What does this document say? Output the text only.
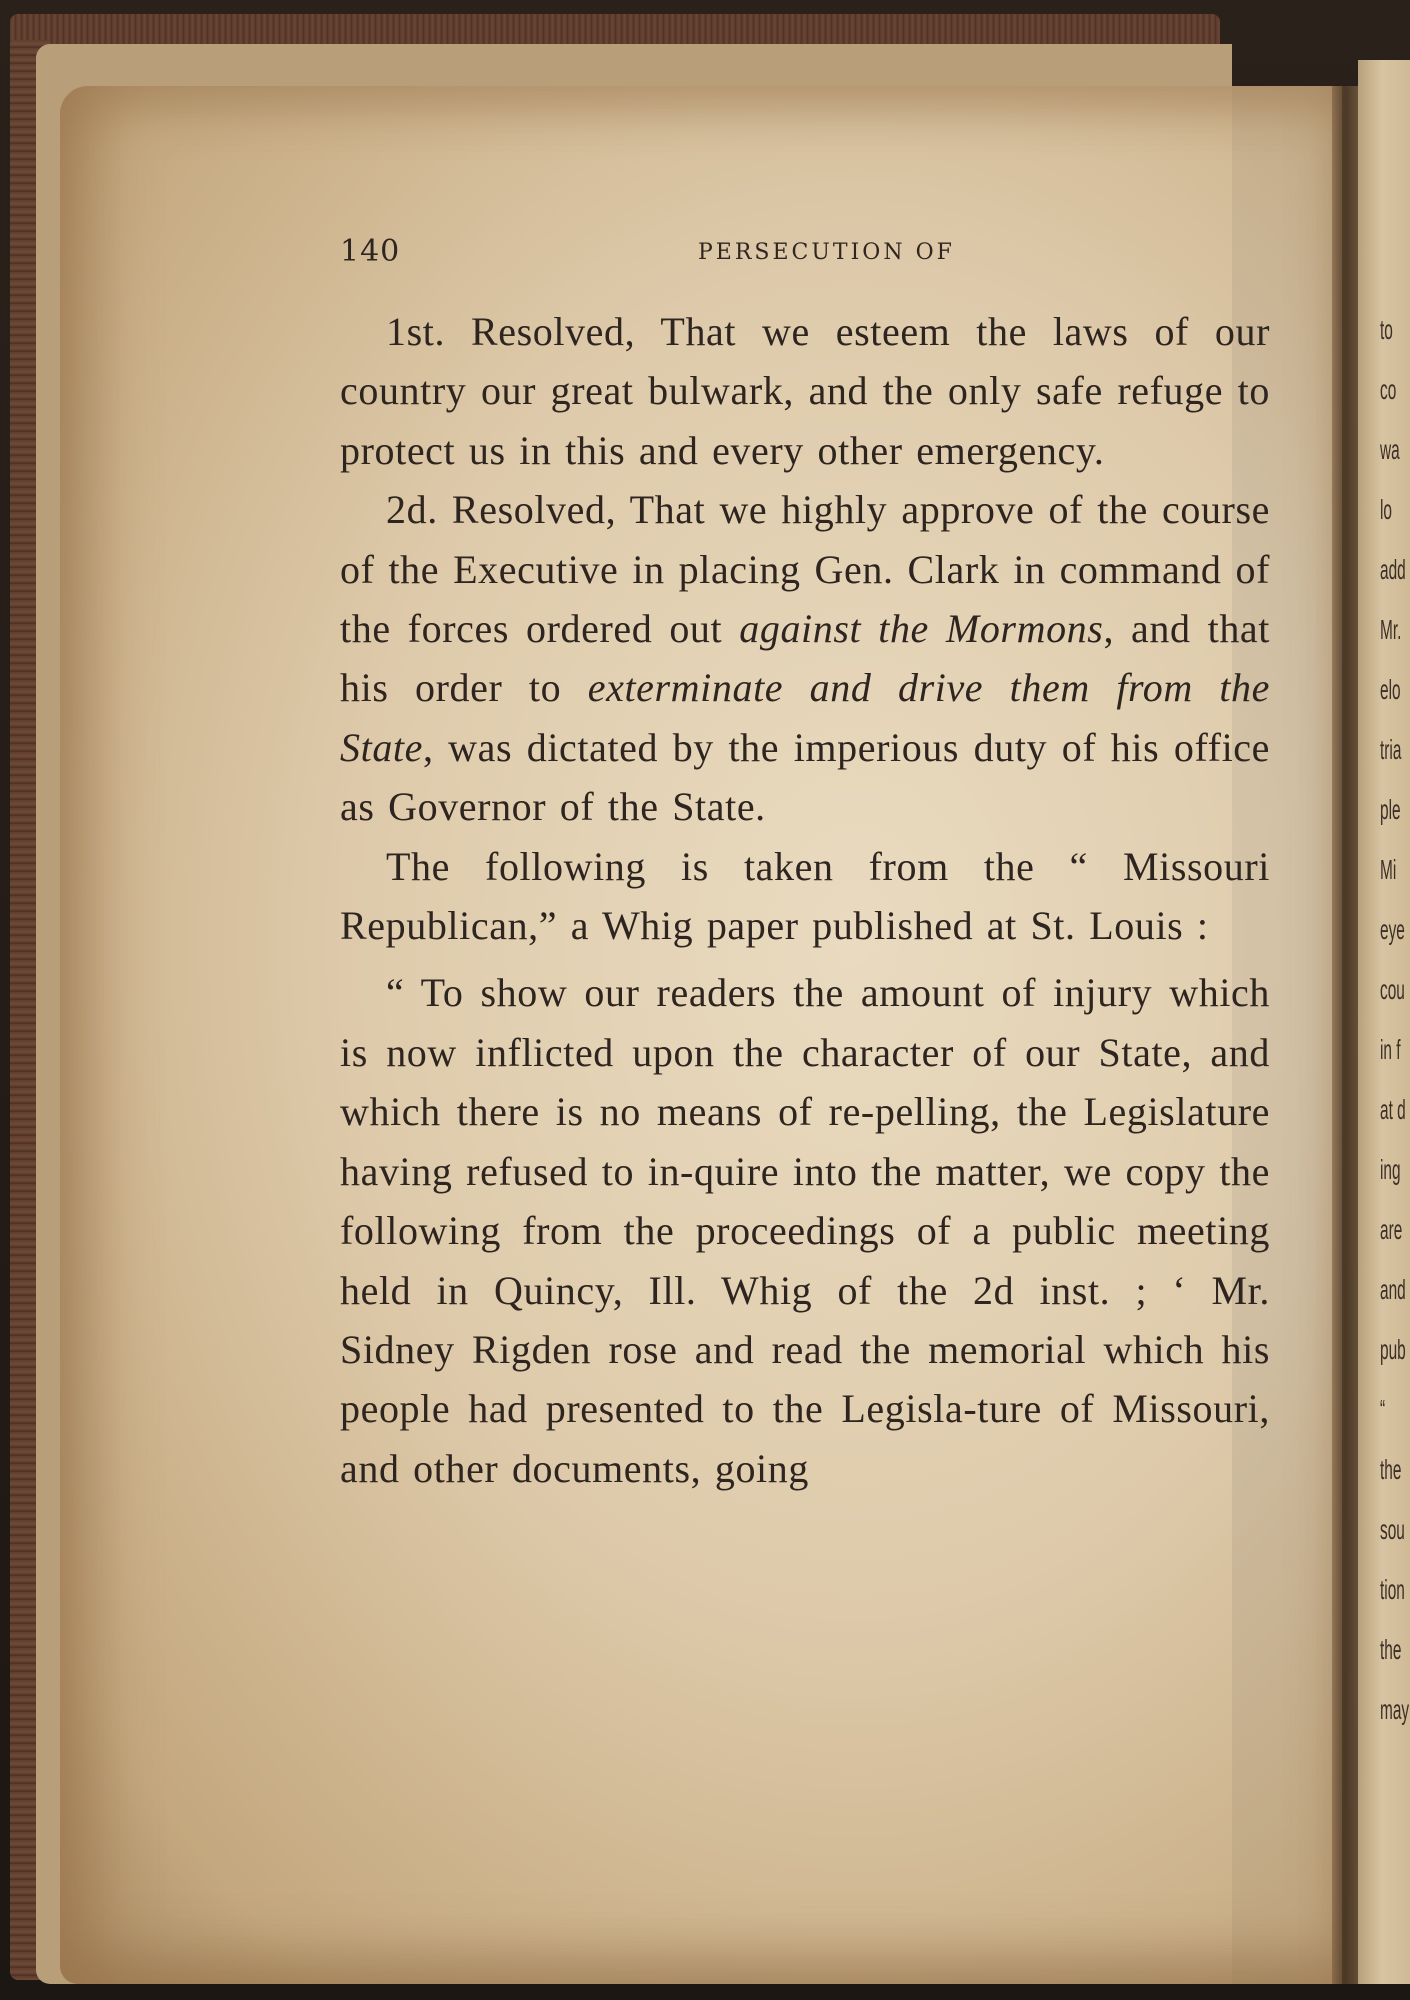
140	PERSECUTION OF

1st. Resolved, That we esteem the laws of our country our great bulwark, and the only safe refuge to protect us in this and every other emergency.

2d. Resolved, That we highly approve of the course of the Executive in placing Gen. Clark in command of the forces ordered out against the Mormons, and that his order to exterminate and drive them from the State, was dictated by the imperious duty of his office as Governor of the State.

The following is taken from the “ Missouri Republican,” a Whig paper published at St. Louis :

“ To show our readers the amount of injury which is now inflicted upon the character of our State, and which there is no means of re-pelling, the Legislature having refused to in-quire into the matter, we copy the following from the proceedings of a public meeting held in Quincy, Ill. Whig of the 2d inst. ; ‘ Mr. Sidney Rigden rose and read the memorial which his people had presented to the Legisla-ture of Missouri, and other documents, going

to
co
wa
lo
add
Mr.
elo
tria
ple
Mi
eye
cou
in f
at d
ing
are
and
pub
“
the
sou
tion
the
may
